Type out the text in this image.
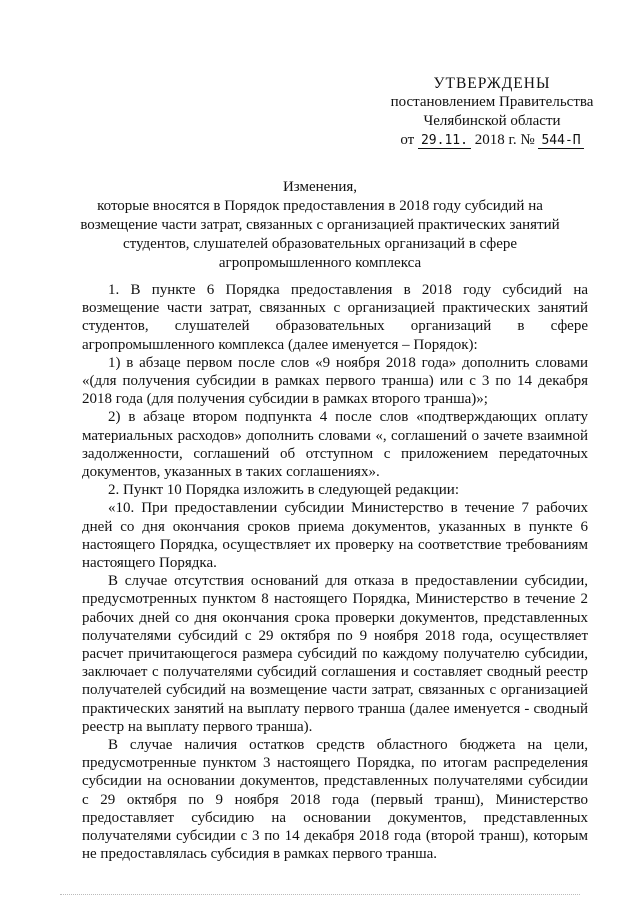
УТВЕРЖДЕНЫ
постановлением Правительства
Челябинской области
от 29.11. 2018 г. № 544-П
Изменения,
которые вносятся в Порядок предоставления в 2018 году субсидий на возмещение части затрат, связанных с организацией практических занятий студентов, слушателей образовательных организаций в сфере агропромышленного комплекса

1. В пункте 6 Порядка предоставления в 2018 году субсидий на возмещение части затрат, связанных с организацией практических занятий студентов, слушателей образовательных организаций в сфере агропромышленного комплекса (далее именуется – Порядок):

1) в абзаце первом после слов «9 ноября 2018 года» дополнить словами «(для получения субсидии в рамках первого транша) или с 3 по 14 декабря 2018 года (для получения субсидии в рамках второго транша)»;

2) в абзаце втором подпункта 4 после слов «подтверждающих оплату материальных расходов» дополнить словами «, соглашений о зачете взаимной задолженности, соглашений об отступном с приложением передаточных документов, указанных в таких соглашениях».

2. Пункт 10 Порядка изложить в следующей редакции:

«10. При предоставлении субсидии Министерство в течение 7 рабочих дней со дня окончания сроков приема документов, указанных в пункте 6 настоящего Порядка, осуществляет их проверку на соответствие требованиям настоящего Порядка.

В случае отсутствия оснований для отказа в предоставлении субсидии, предусмотренных пунктом 8 настоящего Порядка, Министерство в течение 2 рабочих дней со дня окончания срока проверки документов, представленных получателями субсидий с 29 октября по 9 ноября 2018 года, осуществляет расчет причитающегося размера субсидий по каждому получателю субсидии, заключает с получателями субсидий соглашения и составляет сводный реестр получателей субсидий на возмещение части затрат, связанных с организацией практических занятий на выплату первого транша (далее именуется - сводный реестр на выплату первого транша).

В случае наличия остатков средств областного бюджета на цели, предусмотренные пунктом 3 настоящего Порядка, по итогам распределения субсидии на основании документов, представленных получателями субсидии с 29 октября по 9 ноября 2018 года (первый транш), Министерство предоставляет субсидию на основании документов, представленных получателями субсидии с 3 по 14 декабря 2018 года (второй транш), которым не предоставлялась субсидия в рамках первого транша.
